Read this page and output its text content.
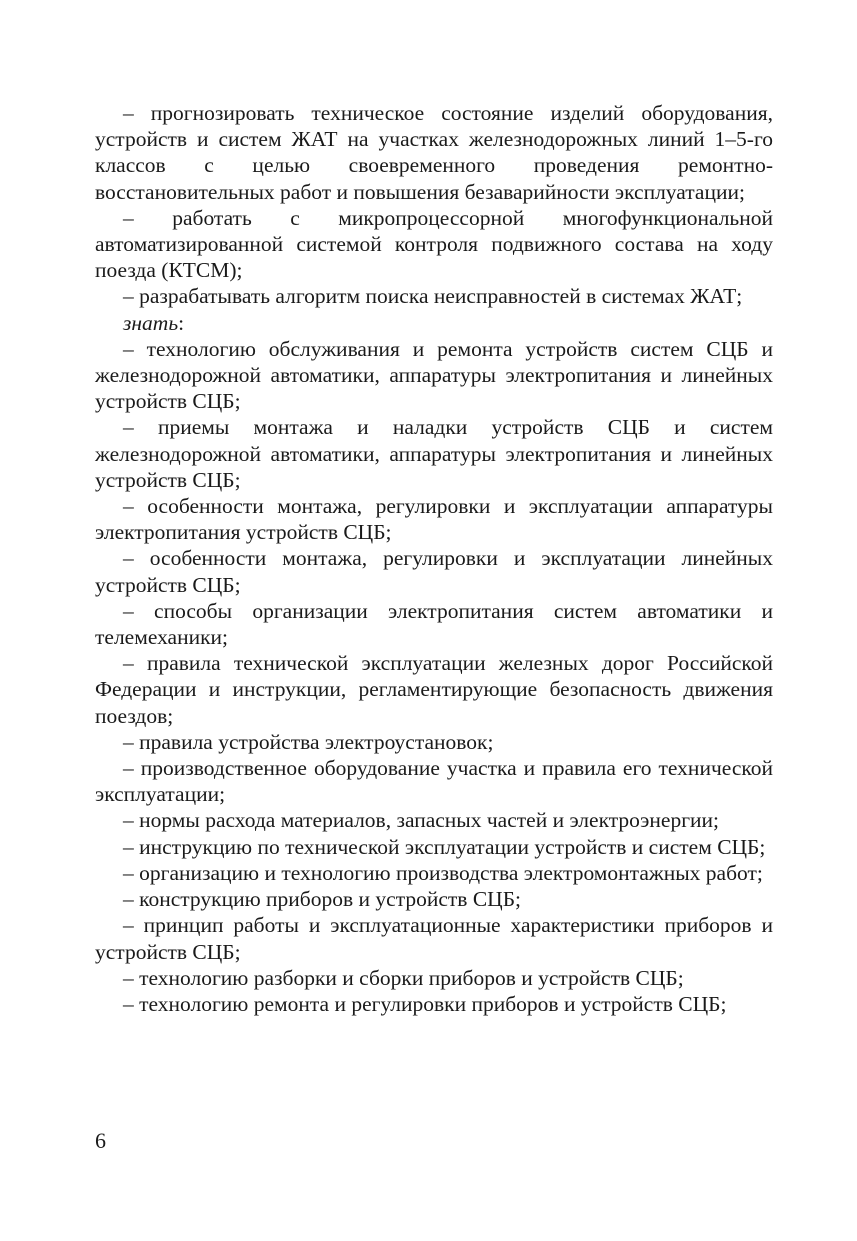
– прогнозировать техническое состояние изделий оборудования, устройств и систем ЖАТ на участках железнодорожных линий 1–5-го классов с целью своевременного проведения ремонтно-восстановительных работ и повышения безаварийности эксплуатации;

– работать с микропроцессорной многофункциональной автоматизированной системой контроля подвижного состава на ходу поезда (КТСМ);

– разрабатывать алгоритм поиска неисправностей в системах ЖАТ;

знать:

– технологию обслуживания и ремонта устройств систем СЦБ и железнодорожной автоматики, аппаратуры электропитания и линейных устройств СЦБ;

– приемы монтажа и наладки устройств СЦБ и систем железнодорожной автоматики, аппаратуры электропитания и линейных устройств СЦБ;

– особенности монтажа, регулировки и эксплуатации аппаратуры электропитания устройств СЦБ;

– особенности монтажа, регулировки и эксплуатации линейных устройств СЦБ;

– способы организации электропитания систем автоматики и телемеханики;

– правила технической эксплуатации железных дорог Российской Федерации и инструкции, регламентирующие безопасность движения поездов;

– правила устройства электроустановок;

– производственное оборудование участка и правила его технической эксплуатации;

– нормы расхода материалов, запасных частей и электроэнергии;

– инструкцию по технической эксплуатации устройств и систем СЦБ;

– организацию и технологию производства электромонтажных работ;

– конструкцию приборов и устройств СЦБ;

– принцип работы и эксплуатационные характеристики приборов и устройств СЦБ;

– технологию разборки и сборки приборов и устройств СЦБ;

– технологию ремонта и регулировки приборов и устройств СЦБ;

6
